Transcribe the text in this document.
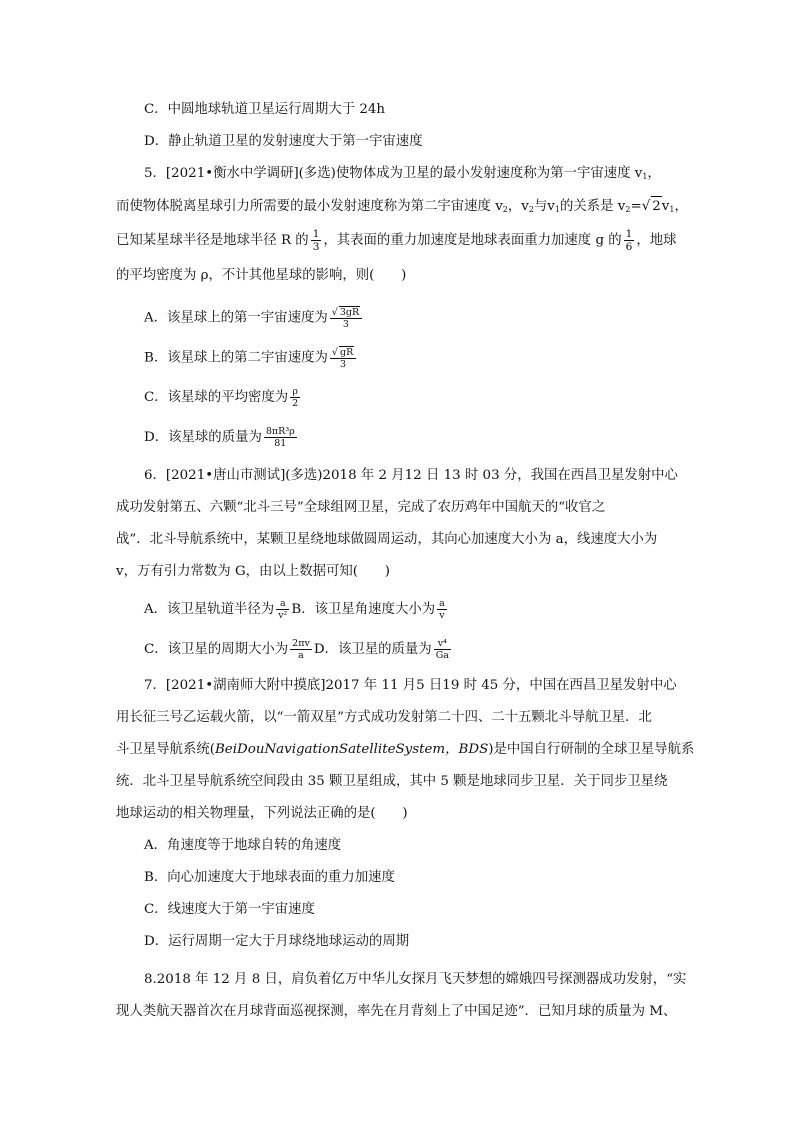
C．中圆地球轨道卫星运行周期大于 24h
D．静止轨道卫星的发射速度大于第一宇宙速度
5．[2021•衡水中学调研](多选)使物体成为卫星的最小发射速度称为第一宇宙速度 $v_1$，
而使物体脱离星球引力所需要的最小发射速度称为第二宇宙速度 $v_2$，$v_2$与$v_1$的关系是 $v_2=√$ $2v_1$，
已知某星球半径是地球半径 R 的 $\frac{1}{3}$ ，其表面的重力加速度是地球表面重力加速度 g 的 $\frac{1}{6}$ ，地球
的平均密度为 ρ，不计其他星球的影响，则(　　)
A．该星球上的第一宇宙速度为 $\frac{√ 3gR}{3}$
B．该星球上的第二宇宙速度为 $\frac{√ gR}{3}$
C．该星球的平均密度为 $\frac{\rho}{2}$
D．该星球的质量为 $\frac{\text{8πR³ρ}}{81}$
6．[2021•唐山市测试](多选)2018 年 2 月12 日 13 时 03 分，我国在西昌卫星发射中心
成功发射第五、六颗“北斗三号”全球组网卫星，完成了农历鸡年中国航天的“收官之
战”．北斗导航系统中，某颗卫星绕地球做圆周运动，其向心加速度大小为 a，线速度大小为
v，万有引力常数为 G，由以上数据可知(　　)
A．该卫星轨道半径为 $\frac{a}{\text{v²}}$ B．该卫星角速度大小为 $\frac{a}{v}$
C．该卫星的周期大小为 $\frac{2\pi v}{a}$ D．该卫星的质量为 $\frac{\text{v⁴}}{Ga}$
7．[2021•湖南师大附中摸底]2017 年 11 月5 日19 时 45 分，中国在西昌卫星发射中心
用长征三号乙运载火箭，以“一箭双星”方式成功发射第二十四、二十五颗北斗导航卫星．北
斗卫星导航系统(BeiDouNavigationSatelliteSystem，BDS)是中国自行研制的全球卫星导航系
统．北斗卫星导航系统空间段由 35 颗卫星组成，其中 5 颗是地球同步卫星．关于同步卫星绕
地球运动的相关物理量，下列说法正确的是(　　)
A．角速度等于地球自转的角速度
B．向心加速度大于地球表面的重力加速度
C．线速度大于第一宇宙速度
D．运行周期一定大于月球绕地球运动的周期
8.2018 年 12 月 8 日，肩负着亿万中华儿女探月飞天梦想的嫦娥四号探测器成功发射，“实
现人类航天器首次在月球背面巡视探测，率先在月背刻上了中国足迹”．已知月球的质量为 M、
